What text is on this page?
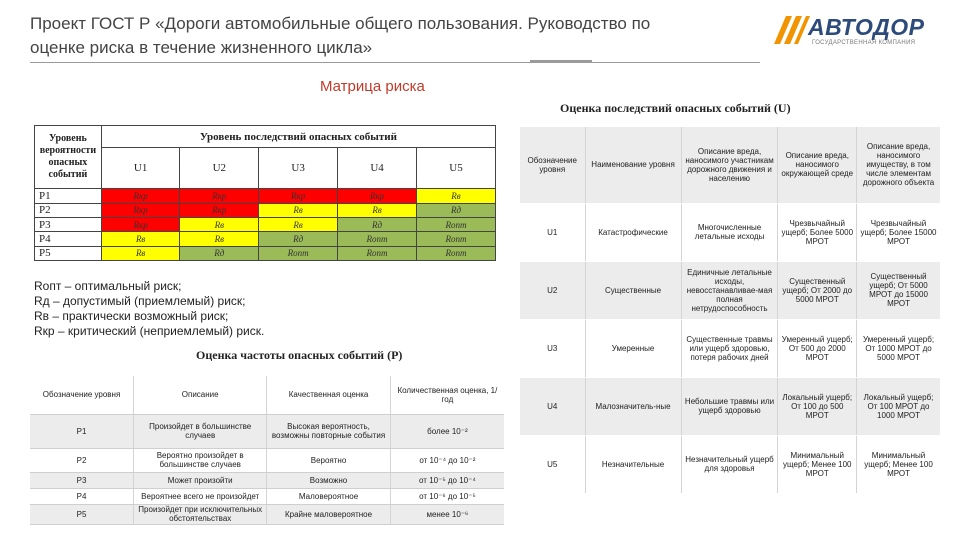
Проект ГОСТ Р «Дороги автомобильные общего пользования. Руководство по оценке риска в течение жизненного цикла»
АВТОДОР
ГОСУДАРСТВЕННАЯ КОМПАНИЯ
Матрица риска
Оценка последствий опасных событий (U)
Оценка частоты опасных событий (P)
Уровень вероятности опасных событий	Уровень последствий опасных событий				
	U1	U2	U3	U4	U5
P1	Rкр	Rкр	Rкр	Rкр	Rв
P2	Rкр	Rкр	Rв	Rв	Rд
P3	Rкр	Rв	Rв	Rд	Rопт
P4	Rв	Rв	Rд	Rопт	Rопт
P5	Rв	Rд	Rопт	Rопт	Rопт
Rопт – оптимальный риск;
Rд – допустимый (приемлемый) риск;
Rв – практически возможный риск;
Rкр – критический (неприемлемый) риск.
Обозначение уровня	Описание	Качественная оценка	Количественная оценка, 1/год
P1	Произойдет в большинстве случаев	Высокая вероятность, возможны повторные события	более 10⁻²
P2	Вероятно произойдет в большинстве случаев	Вероятно	от 10⁻⁴ до 10⁻²
P3	Может произойти	Возможно	от 10⁻⁵ до 10⁻⁴
P4	Вероятнее всего не произойдет	Маловероятное	от 10⁻⁶ до 10⁻⁵
P5	Произойдет при исключительных обстоятельствах	Крайне маловероятное	менее 10⁻⁶
Обозначение уровня	Наименование уровня	Описание вреда, наносимого участникам дорожного движения и населению	Описание вреда, наносимого окружающей среде	Описание вреда, наносимого имуществу, в том числе элементам дорожного объекта
U1	Катастрофические	Многочисленные летальные исходы	Чрезвычайный ущерб; Более 5000 МРОТ	Чрезвычайный ущерб; Более 15000 МРОТ
U2	Существенные	Единичные летальные исходы, невосстанавливае-мая полная нетрудоспособность	Существенный ущерб; От 2000 до 5000 МРОТ	Существенный ущерб; От 5000 МРОТ до 15000 МРОТ
U3	Умеренные	Существенные травмы или ущерб здоровью, потеря рабочих дней	Умеренный ущерб; От 500 до 2000 МРОТ	Умеренный ущерб; От 1000 МРОТ до 5000 МРОТ
U4	Малозначитель-ные	Небольшие травмы или ущерб здоровью	Локальный ущерб; От 100 до 500 МРОТ	Локальный ущерб; От 100 МРОТ до 1000 МРОТ
U5	Незначительные	Незначительный ущерб для здоровья	Минимальный ущерб; Менее 100 МРОТ	Минимальный ущерб; Менее 100 МРОТ
